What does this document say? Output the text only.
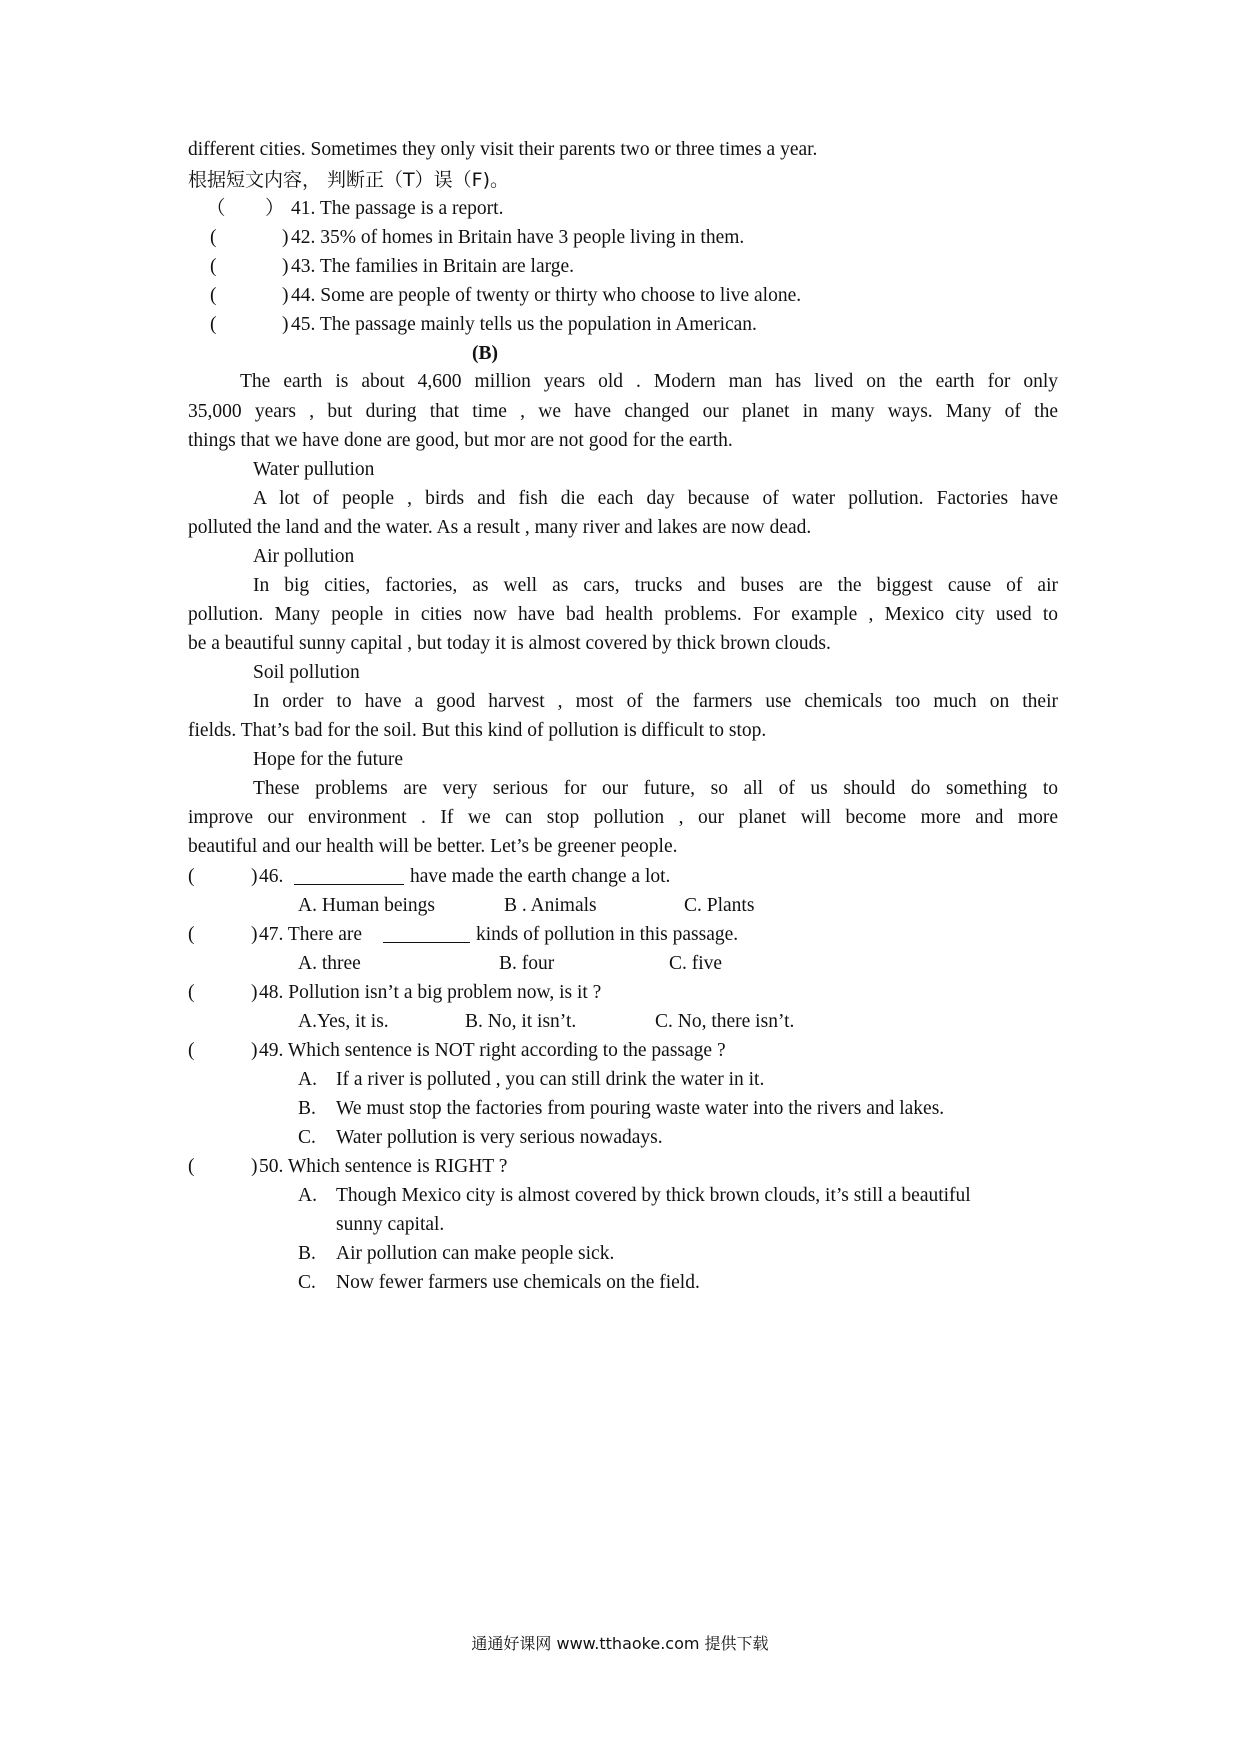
different cities. Sometimes they only visit their parents two or three times a year.
根据短文内容， 判断正（T）误（F)。
（ ） 41. The passage is a report.
(	) 42. 35% of homes in Britain have 3 people living in them.
(	) 43. The families in Britain are large.
(	) 44. Some are people of twenty or thirty who choose to live alone.
(	) 45. The passage mainly tells us the population in American.
(B)
The earth is about 4,600 million years old . Modern man has lived on the earth for only
35,000 years , but during that time , we have changed our planet in many ways. Many of the
things that we have done are good, but mor are not good for the earth.
Water pullution
A lot of people , birds and fish die each day because of water pollution. Factories have
polluted the land and the water. As a result , many river and lakes are now dead.
Air pollution
In big cities, factories, as well as cars, trucks and buses are the biggest cause of air
pollution. Many people in cities now have bad health problems. For example , Mexico city used to
be a beautiful sunny capital , but today it is almost covered by thick brown clouds.
Soil pollution
In order to have a good harvest , most of the farmers use chemicals too much on their
fields. That’s bad for the soil. But this kind of pollution is difficult to stop.
Hope for the future
These problems are very serious for our future, so all of us should do something to
improve our environment . If we can stop pollution , our planet will become more and more
beautiful and our health will be better. Let’s be greener people.
(	) 46.	have made the earth change a lot.
A. Human beings	B . Animals	C. Plants
(	) 47. There are	kinds of pollution in this passage.
A. three	B. four	C. five
(	) 48. Pollution isn’t a big problem now, is it ?
A.Yes, it is.	B. No, it isn’t.	C. No, there isn’t.
(	) 49. Which sentence is NOT right according to the passage ?
A. If a river is polluted , you can still drink the water in it.
B. We must stop the factories from pouring waste water into the rivers and lakes.
C. Water pollution is very serious nowadays.
(	) 50. Which sentence is RIGHT ?
A. Though Mexico city is almost covered by thick brown clouds, it’s still a beautiful
sunny capital.
B. Air pollution can make people sick.
C. Now fewer farmers use chemicals on the field.
通通好课网 www.tthaoke.com 提供下载
